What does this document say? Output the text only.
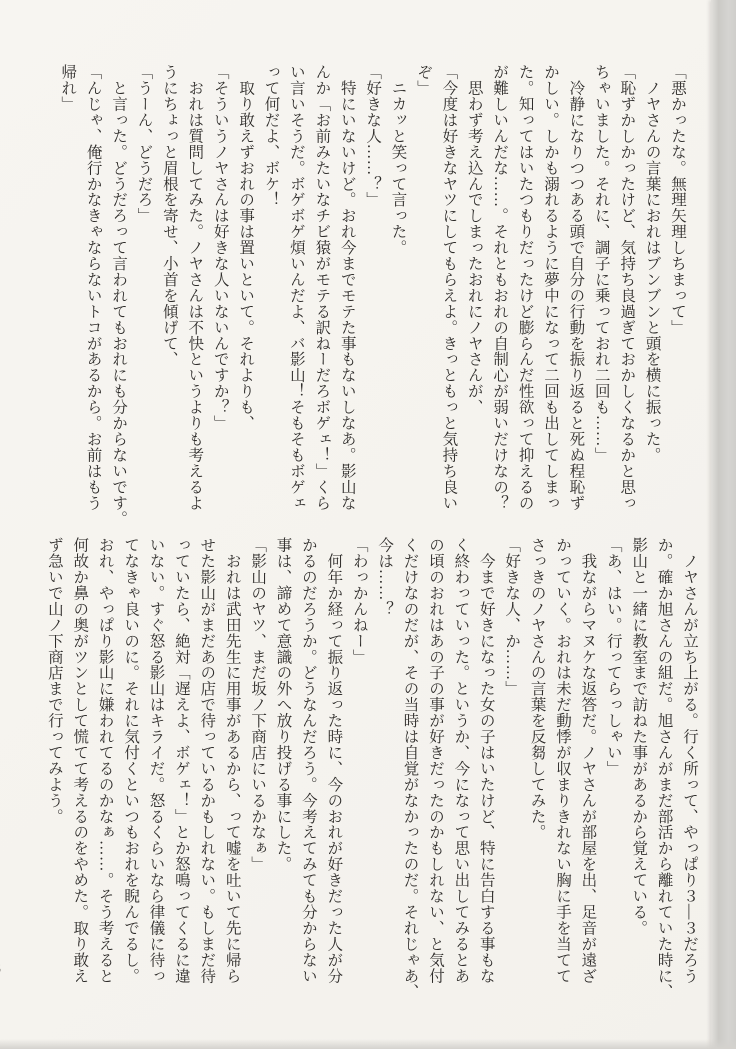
「悪かったな。無理矢理しちまって」

　ノヤさんの言葉におれはブンブンと頭を横に振った。

「恥ずかしかったけど、気持ち良過ぎておかしくなるかと思っ

ちゃいました。それに、調子に乗っておれ二回も……」

　冷静になりつつある頭で自分の行動を振り返ると死ぬ程恥ず

かしい。しかも溺れるように夢中になって二回も出してしまっ

た。知ってはいたつもりだったけど膨らんだ性欲って抑えるの

が難しいんだな……。それともおれの自制心が弱いだけなの？

　思わず考え込んでしまったおれにノヤさんが、

「今度は好きなヤツにしてもらえよ。きっともっと気持ち良い

ぞ」

　ニカッと笑って言った。

「好きな人……？」

　特にいないけど。おれ今までモテた事もないしなあ。影山な

んか「お前みたいなチビ猿がモテる訳ねーだろボゲェ！」くら

い言いそうだ。ボゲボゲ煩いんだよ、バ影山！そもそもボゲェ

って何だよ、ボケ！

　取り敢えずおれの事は置いといて。それよりも、

「そういうノヤさんは好きな人いないんですか？」

　おれは質問してみた。ノヤさんは不快というよりも考えるよ

うにちょっと眉根を寄せ、小首を傾げて、

「うーん、どうだろ」

　と言った。どうだろって言われてもおれにも分からないです。

「んじゃ、俺行かなきゃならないトコがあるから。お前はもう

帰れ」

　ノヤさんが立ち上がる。行く所って、やっぱり３―３だろう

か。確か旭さんの組だ。旭さんがまだ部活から離れていた時に、

影山と一緒に教室まで訪ねた事があるから覚えている。

「あ、はい。行ってらっしゃい」

　我ながらマヌケな返答だ。ノヤさんが部屋を出、足音が遠ざ

かっていく。おれは未だ動悸が収まりきれない胸に手を当てて

さっきのノヤさんの言葉を反芻してみた。

「好きな人、か……」

　今まで好きになった女の子はいたけど、特に告白する事もな

く終わっていった。というか、今になって思い出してみるとあ

の頃のおれはあの子の事が好きだったのかもしれない、と気付

くだけなのだが、その当時は自覚がなかったのだ。それじゃあ、

今は……？

「わっかんねー」

　何年か経って振り返った時に、今のおれが好きだった人が分

かるのだろうか。どうなんだろう。今考えてみても分からない

事は、諦めて意識の外へ放り投げる事にした。

「影山のヤツ、まだ坂ノ下商店にいるかなぁ」

　おれは武田先生に用事があるから、って嘘を吐いて先に帰ら

せた影山がまだあの店で待っているかもしれない。もしまだ待

っていたら、絶対「遅えよ、ボゲェ！」とか怒鳴ってくるに違

いない。すぐ怒る影山はキライだ。怒るくらいなら律儀に待っ

てなきゃ良いのに。それに気付くといつもおれを睨んでるし。

おれ、やっぱり影山に嫌われてるのかなぁ……。そう考えると

何故か鼻の奥がツンとして慌てて考えるのをやめた。取り敢え

ず急いで山ノ下商店まで行ってみよう。
